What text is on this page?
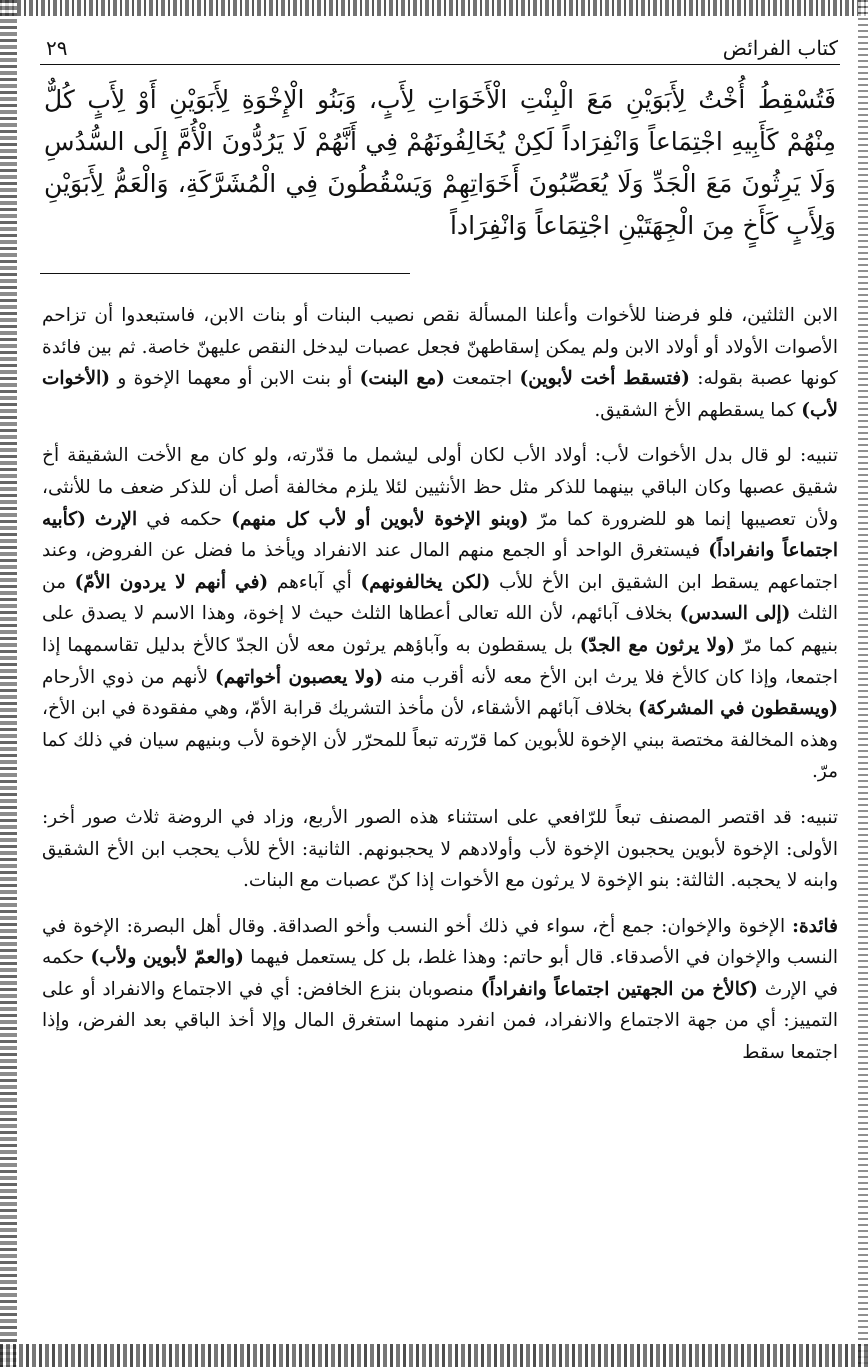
كتاب الفرائض
٢٩
فَتُسْقِطُ أُخْتُ لِأَبَوَيْنِ مَعَ الْبِنْتِ الْأَخَوَاتِ لِأَبٍ، وَبَنُو الْإِخْوَةِ لِأَبَوَيْنِ أَوْ لِأَبٍ كُلٌّ مِنْهُمْ كَأَبِيهِ اجْتِمَاعاً وَانْفِرَاداً لَكِنْ يُخَالِفُونَهُمْ فِي أَنَّهُمْ لَا يَرُدُّونَ الْأُمَّ إِلَى السُّدُسِ وَلَا يَرِثُونَ مَعَ الْجَدِّ وَلَا يُعَصِّبُونَ أَخَوَاتِهِمْ وَيَسْقُطُونَ فِي الْمُشَرَّكَةِ، وَالْعَمُّ لِأَبَوَيْنِ وَلِأَبٍ كَأَخٍ مِنَ الْجِهَتَيْنِ اجْتِمَاعاً وَانْفِرَاداً

الابن الثلثين، فلو فرضنا للأخوات وأعلنا المسألة نقص نصيب البنات أو بنات الابن، فاستبعدوا أن تزاحم الأصوات الأولاد أو أولاد الابن ولم يمكن إسقاطهنّ فجعل عصبات ليدخل النقص عليهنّ خاصة. ثم بين فائدة كونها عصبة بقوله: (فتسقط أخت لأبوين) اجتمعت (مع البنت) أو بنت الابن أو معهما الإخوة و (الأخوات لأب) كما يسقطهم الأخ الشقيق.

تنبيه: لو قال بدل الأخوات لأب: أولاد الأب لكان أولى ليشمل ما قدّرته، ولو كان مع الأخت الشقيقة أخ شقيق عصبها وكان الباقي بينهما للذكر مثل حظ الأنثيين لئلا يلزم مخالفة أصل أن للذكر ضعف ما للأنثى، ولأن تعصيبها إنما هو للضرورة كما مرّ (وبنو الإخوة لأبوين أو لأب كل منهم) حكمه في الإرث (كأبيه اجتماعاً وانفراداً) فيستغرق الواحد أو الجمع منهم المال عند الانفراد ويأخذ ما فضل عن الفروض، وعند اجتماعهم يسقط ابن الشقيق ابن الأخ للأب (لكن يخالفونهم) أي آباءهم (في أنهم لا يردون الأمّ) من الثلث (إلى السدس) بخلاف آبائهم، لأن الله تعالى أعطاها الثلث حيث لا إخوة، وهذا الاسم لا يصدق على بنيهم كما مرّ (ولا يرثون مع الجدّ) بل يسقطون به وآباؤهم يرثون معه لأن الجدّ كالأخ بدليل تقاسمهما إذا اجتمعا، وإذا كان كالأخ فلا يرث ابن الأخ معه لأنه أقرب منه (ولا يعصبون أخواتهم) لأنهم من ذوي الأرحام (ويسقطون في المشركة) بخلاف آبائهم الأشقاء، لأن مأخذ التشريك قرابة الأمّ، وهي مفقودة في ابن الأخ، وهذه المخالفة مختصة ببني الإخوة للأبوين كما قرّرته تبعاً للمحرّر لأن الإخوة لأب وبنيهم سيان في ذلك كما مرّ.

تنبيه: قد اقتصر المصنف تبعاً للرّافعي على استثناء هذه الصور الأربع، وزاد في الروضة ثلاث صور أخر: الأولى: الإخوة لأبوين يحجبون الإخوة لأب وأولادهم لا يحجبونهم. الثانية: الأخ للأب يحجب ابن الأخ الشقيق وابنه لا يحجبه. الثالثة: بنو الإخوة لا يرثون مع الأخوات إذا كنّ عصبات مع البنات.

فائدة: الإخوة والإخوان: جمع أخ، سواء في ذلك أخو النسب وأخو الصداقة. وقال أهل البصرة: الإخوة في النسب والإخوان في الأصدقاء. قال أبو حاتم: وهذا غلط، بل كل يستعمل فيهما (والعمّ لأبوين ولأب) حكمه في الإرث (كالأخ من الجهتين اجتماعاً وانفراداً) منصوبان بنزع الخافض: أي في الاجتماع والانفراد أو على التمييز: أي من جهة الاجتماع والانفراد، فمن انفرد منهما استغرق المال وإلا أخذ الباقي بعد الفرض، وإذا اجتمعا سقط
